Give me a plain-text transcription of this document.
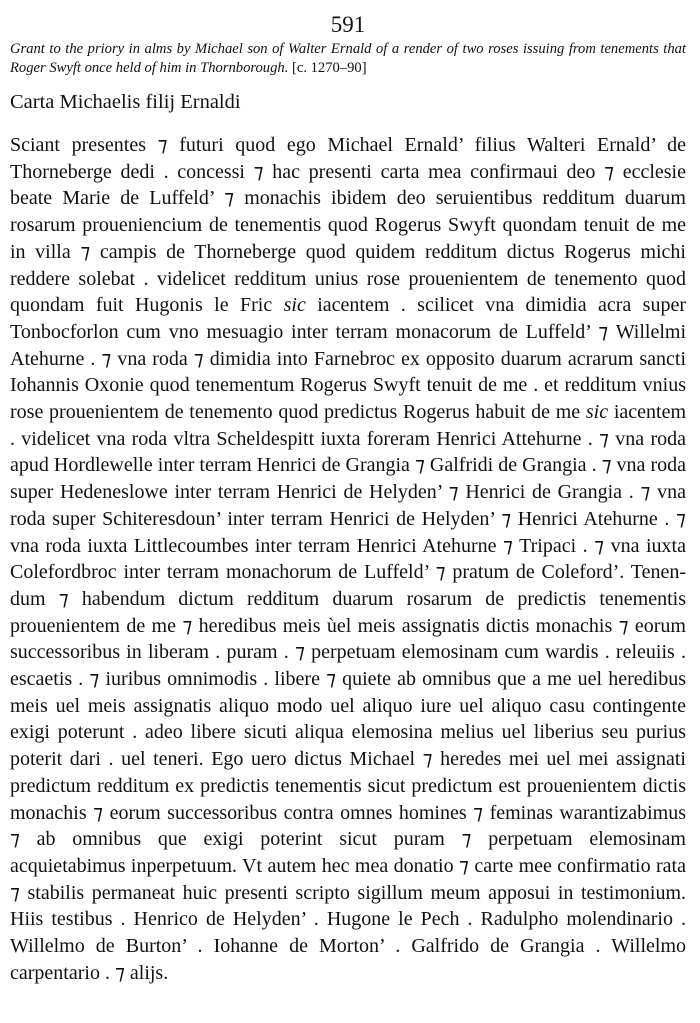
591

Grant to the priory in alms by Michael son of Walter Ernald of a render of two roses issuing from tenements that Roger Swyft once held of him in Thornborough. [c. 1270–90]

Carta Michaelis filij Ernaldi

Sciant presentes ⁊ futuri quod ego Michael Ernald’ filius Walteri Ernald’ de Thorneberge dedi . concessi ⁊ hac presenti carta mea confirmaui deo ⁊ ecclesie beate Marie de Luffeld’ ⁊ monachis ibidem deo seruientibus redditum duarum rosarum proueniencium de tenementis quod Rogerus Swyft quondam tenuit de me in villa ⁊ campis de Thorneberge quod quidem redditum dictus Rogerus michi reddere solebat . videlicet redditum unius rose prouenientem de tenemento quod quondam fuit Hugonis le Fric sic iacentem . scilicet vna dimidia acra super Tonbocforlon cum vno mesuagio inter terram monacorum de Luffeld’ ⁊ Willelmi Atehurne . ⁊ vna roda ⁊ dimidia into Farnebroc ex opposito duarum acrarum sancti Iohannis Oxonie quod tenementum Rogerus Swyft tenuit de me . et redditum vnius rose prouenientem de tenemento quod predictus Rogerus habuit de me sic iacentem . videlicet vna roda vltra Scheldespitt iuxta foreram Henrici Attehurne . ⁊ vna roda apud Hordlewelle inter terram Henrici de Grangia ⁊ Galfridi de Grangia . ⁊ vna roda super Hedeneslowe inter terram Henrici de Helyden’ ⁊ Henrici de Grangia . ⁊ vna roda super Schiteresdoun’ inter terram Henrici de Helyden’ ⁊ Henrici Atehurne . ⁊ vna roda iuxta Littlecoumbes inter terram Henrici Atehurne ⁊ Tripaci . ⁊ vna iuxta Colefordbroc inter terram monachorum de Luffeld’ ⁊ pratum de Coleford’. Tenendum ⁊ habendum dictum redditum duarum rosarum de predictis tenementis prouenientem de me ⁊ heredibus meis ùel meis assignatis dictis monachis ⁊ eorum successoribus in liberam . puram . ⁊ perpetuam elemosinam cum wardis . releuiis . escaetis . ⁊ iuribus omnimodis . libere ⁊ quiete ab omnibus que a me uel heredibus meis uel meis assignatis aliquo modo uel aliquo iure uel aliquo casu contingente exigi poterunt . adeo libere sicuti aliqua elemosina melius uel liberius seu purius poterit dari . uel teneri. Ego uero dictus Michael ⁊ heredes mei uel mei assignati predictum redditum ex predictis tenementis sicut predictum est prouenientem dictis monachis ⁊ eorum successoribus contra omnes homines ⁊ feminas warantizabimus ⁊ ab omnibus que exigi poterint sicut puram ⁊ perpetuam elemosinam acquietabimus inperpetuum. Vt autem hec mea donatio ⁊ carte mee confirmatio rata ⁊ stabilis permaneat huic presenti scripto sigillum meum apposui in testimonium. Hiis testibus . Henrico de Helyden’ . Hugone le Pech . Radulpho molendinario . Willelmo de Burton’ . Iohanne de Morton’ . Galfrido de Grangia . Willelmo carpentario . ⁊ alijs.
